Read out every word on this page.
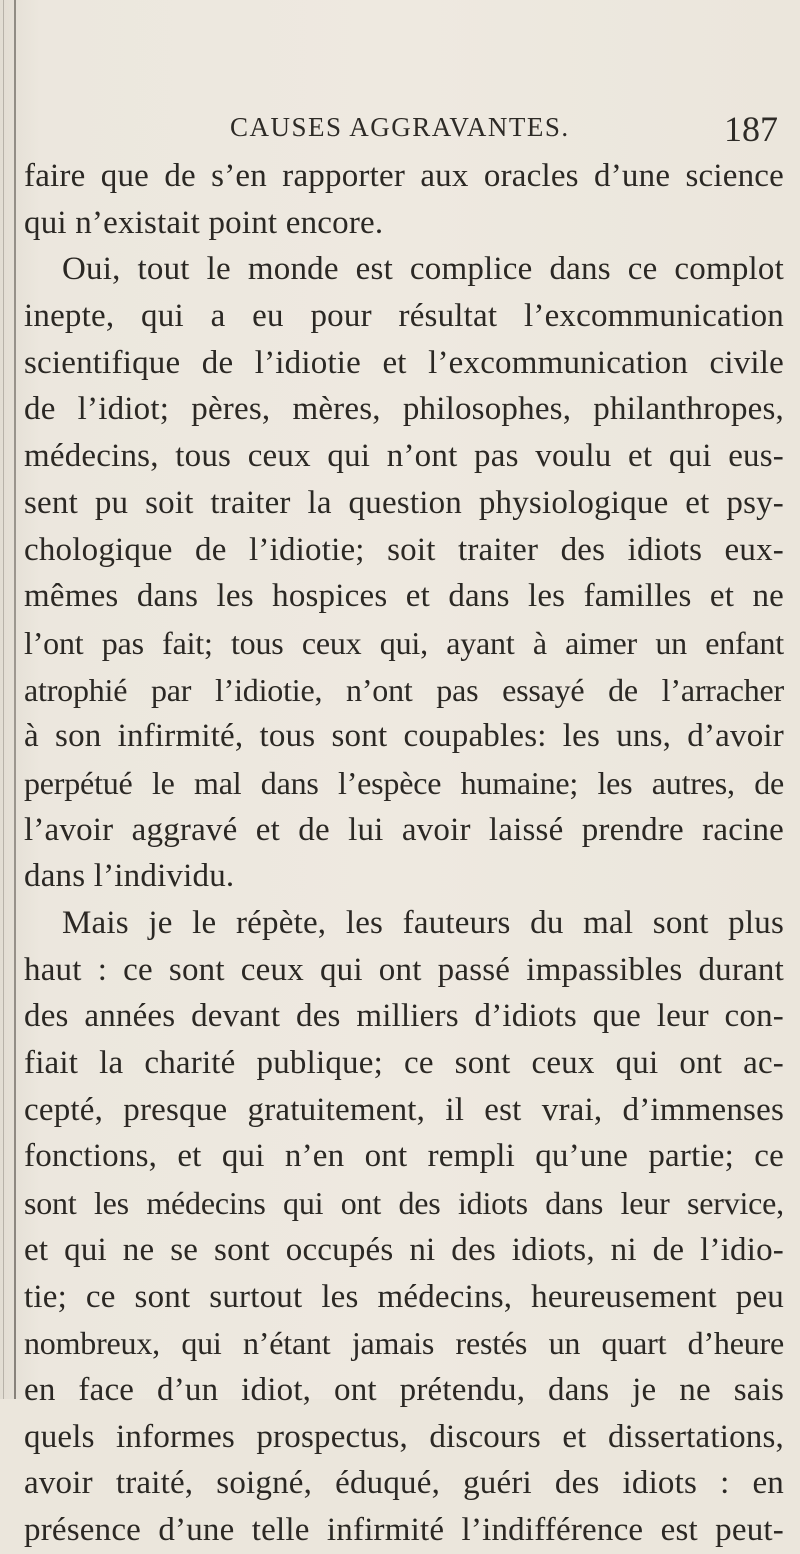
CAUSES AGGRAVANTES.	187
faire que de s’en rapporter aux oracles d’une science
qui n’existait point encore.
Oui, tout le monde est complice dans ce complot
inepte, qui a eu pour résultat l’excommunication
scientifique de l’idiotie et l’excommunication civile
de l’idiot; pères, mères, philosophes, philanthropes,
médecins, tous ceux qui n’ont pas voulu et qui eus-
sent pu soit traiter la question physiologique et psy-
chologique de l’idiotie; soit traiter des idiots eux-
mêmes dans les hospices et dans les familles et ne
l’ont pas fait; tous ceux qui, ayant à aimer un enfant
atrophié par l’idiotie, n’ont pas essayé de l’arracher
à son infirmité, tous sont coupables: les uns, d’avoir
perpétué le mal dans l’espèce humaine; les autres, de
l’avoir aggravé et de lui avoir laissé prendre racine
dans l’individu.
Mais je le répète, les fauteurs du mal sont plus
haut : ce sont ceux qui ont passé impassibles durant
des années devant des milliers d’idiots que leur con-
fiait la charité publique; ce sont ceux qui ont ac-
cepté, presque gratuitement, il est vrai, d’immenses
fonctions, et qui n’en ont rempli qu’une partie; ce
sont les médecins qui ont des idiots dans leur service,
et qui ne se sont occupés ni des idiots, ni de l’idio-
tie; ce sont surtout les médecins, heureusement peu
nombreux, qui n’étant jamais restés un quart d’heure
en face d’un idiot, ont prétendu, dans je ne sais
quels informes prospectus, discours et dissertations,
avoir traité, soigné, éduqué, guéri des idiots : en
présence d’une telle infirmité l’indifférence est peut-
